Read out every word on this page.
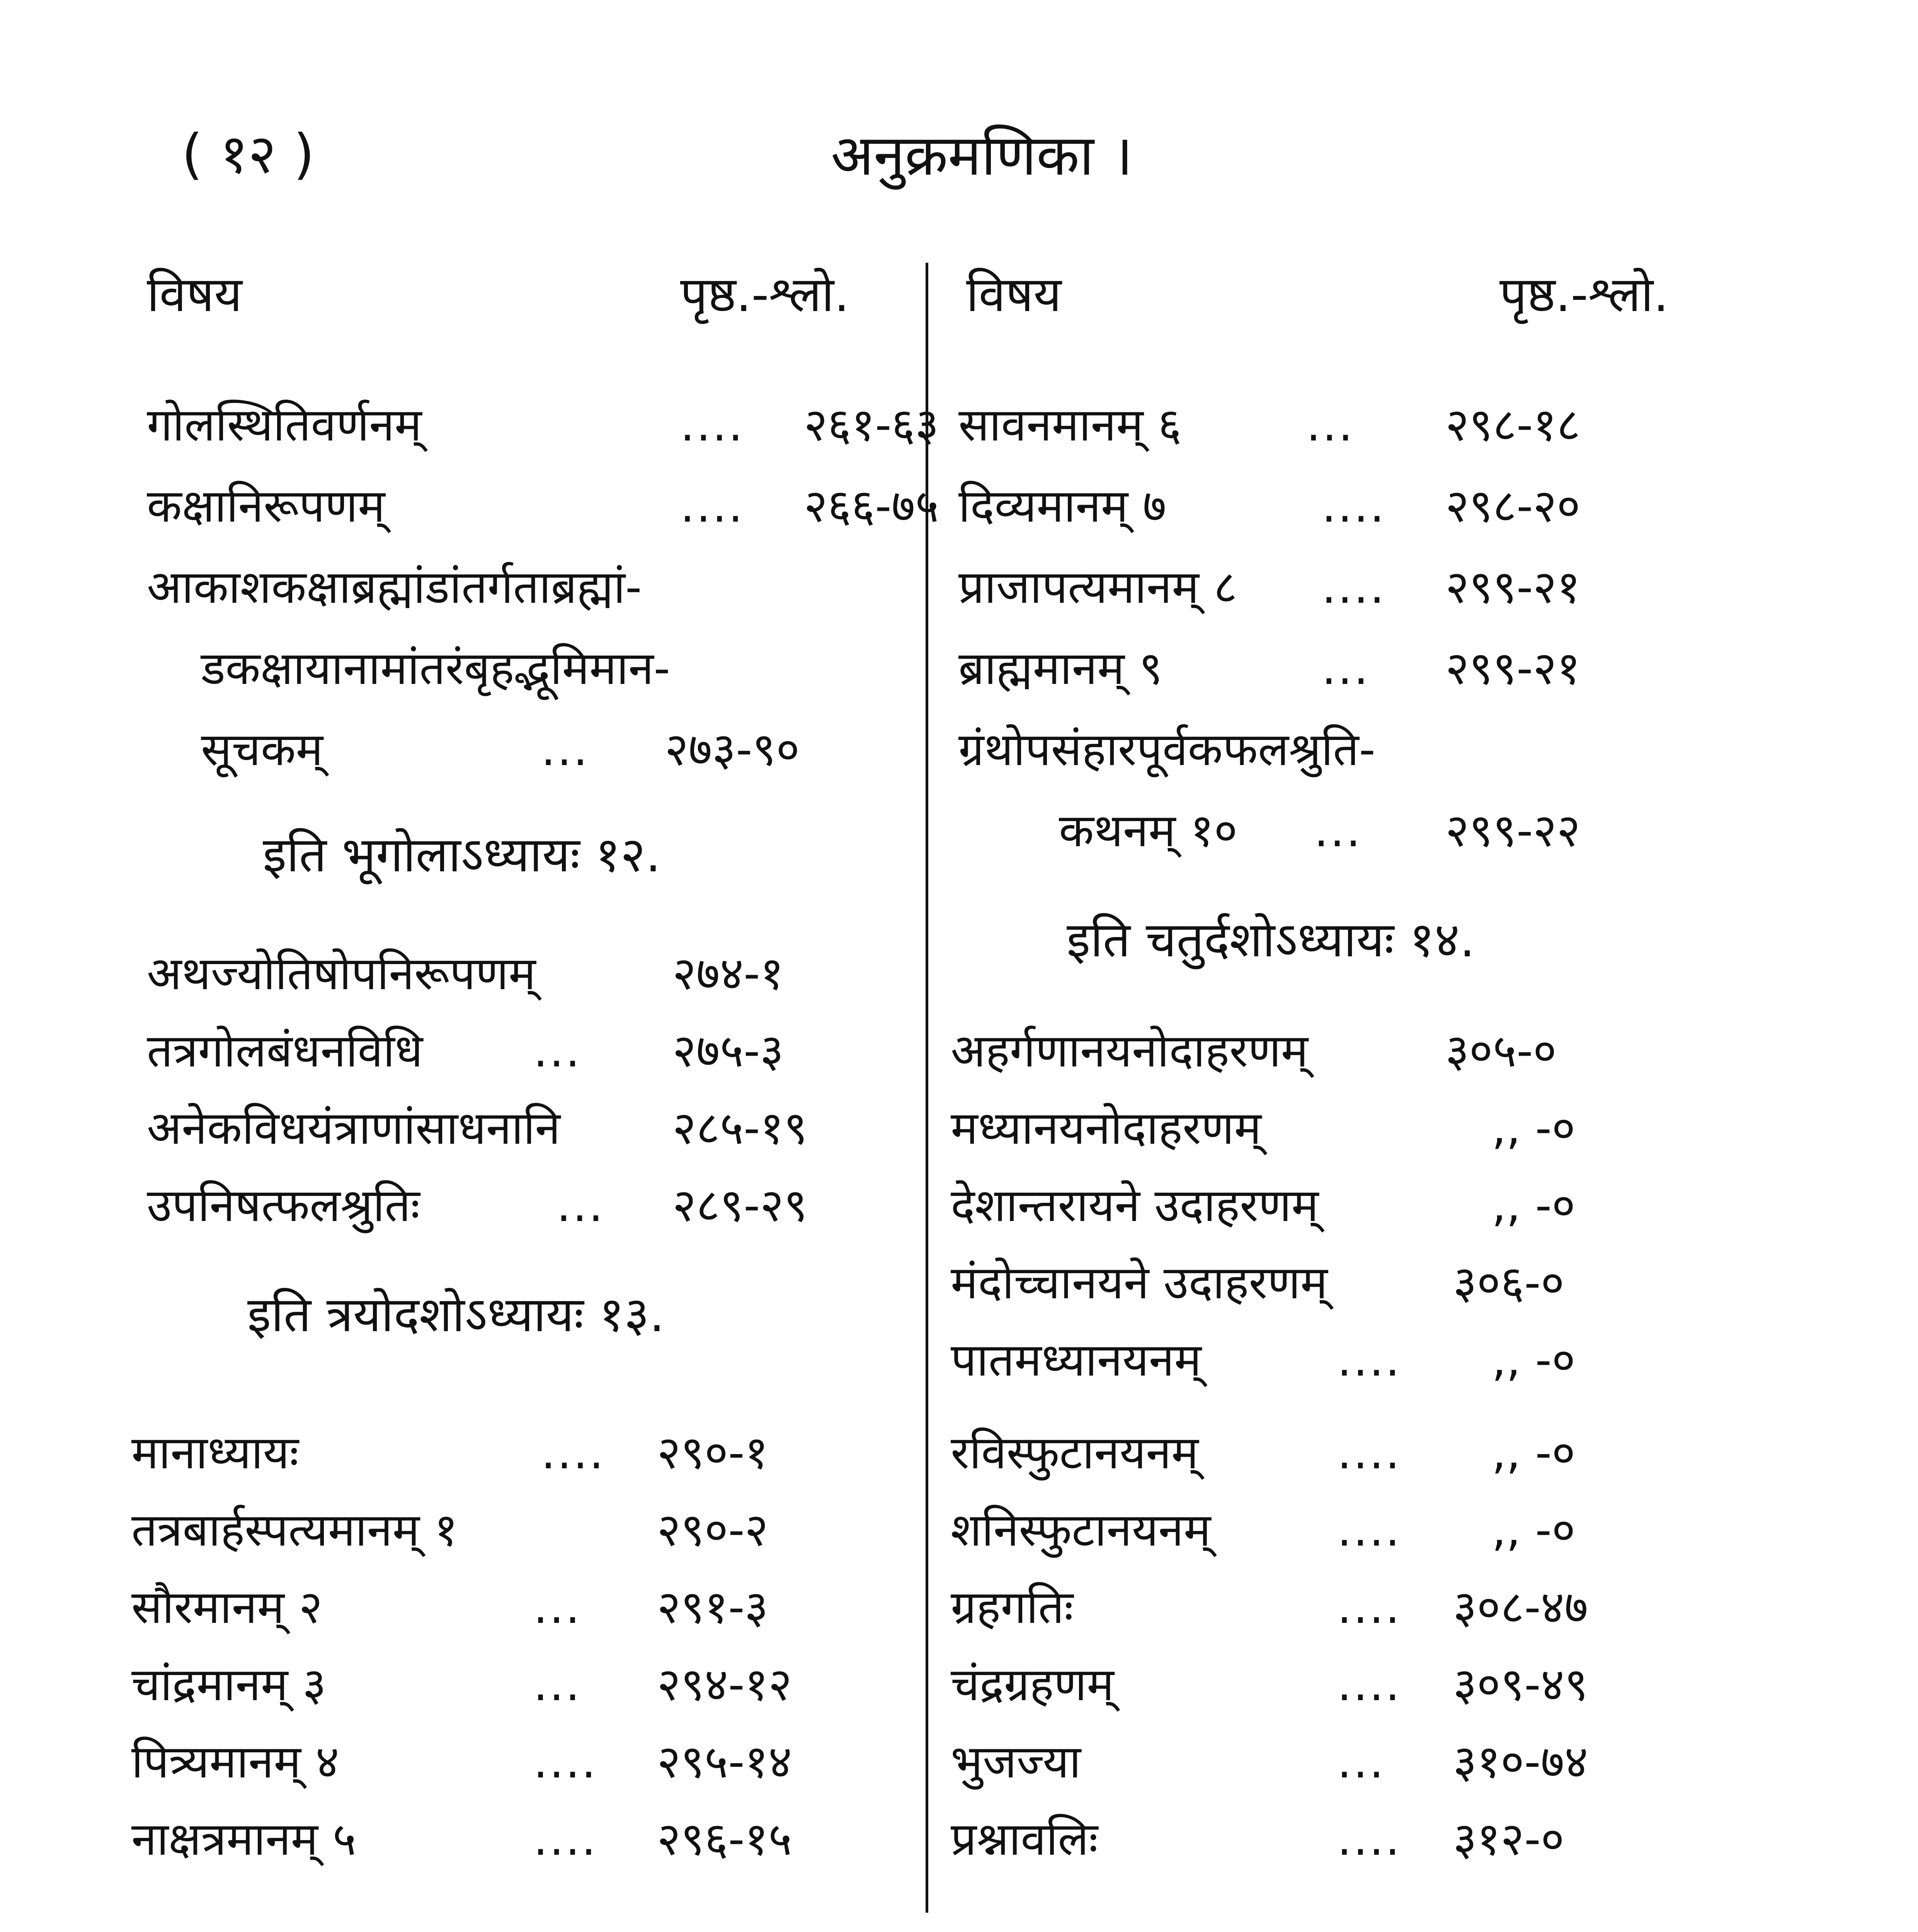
( १२ )	अनुक्रमणिका ।
विषय	पृष्ठ.-श्लो. विषय	पृष्ठ.-श्लो.
गोलस्थितिवर्णनम्	.... २६१-६३
कक्षानिरूपणम्	.... २६६-७५
आकाशकक्षाब्रह्मांडांतर्गताब्रह्मां-
डकक्षायानामांतरंबृहद्भूमिमान-
सूचकम्	... २७३-९०
इति भूगोलाऽध्यायः १२.
अथज्योतिषोपनिरूपणम्	२७४-१
तत्रगोलबंधनविधि ... २७५-३
अनेकविधयंत्राणांसाधनानि २८५-१९
उपनिषत्फलश्रुतिः	... २८९-२९
इति त्रयोदशोऽध्यायः १३.
मानाध्यायः	.... २९०-१
तत्रबार्हस्पत्यमानम् १	२९०-२
सौरमानम् २	... २९१-३
चांद्रमानम् ३	... २९४-१२
पित्र्यमानम् ४	.... २९५-१४
नाक्षत्रमानम् ५	.... २९६-१५
सावनमानम् ६	... २९८-१८
दिव्यमानम् ७	.... २९८-२०
प्राजापत्यमानम् ८ .... २९९-२१
ब्राह्ममानम् ९	... २९९-२१
ग्रंथोपसंहारपूर्वकफलश्रुति-
कथनम् १० ... २९९-२२
इति चतुर्दशोऽध्यायः १४.
अहर्गणानयनोदाहरणम्	३०५-०
मध्यानयनोदाहरणम्	,, -०
देशान्तरायने उदाहरणम्	,, -०
मंदोच्चानयने उदाहरणम्	३०६-०
पातमध्यानयनम्	.... ,, -०
रविस्फुटानयनम्	.... ,, -०
शनिस्फुटानयनम्	.... ,, -०
ग्रहगतिः	.... ३०८-४७
चंद्रग्रहणम्	.... ३०९-४९
भुजज्या	... ३१०-७४
प्रश्नावलिः	.... ३१२-०
